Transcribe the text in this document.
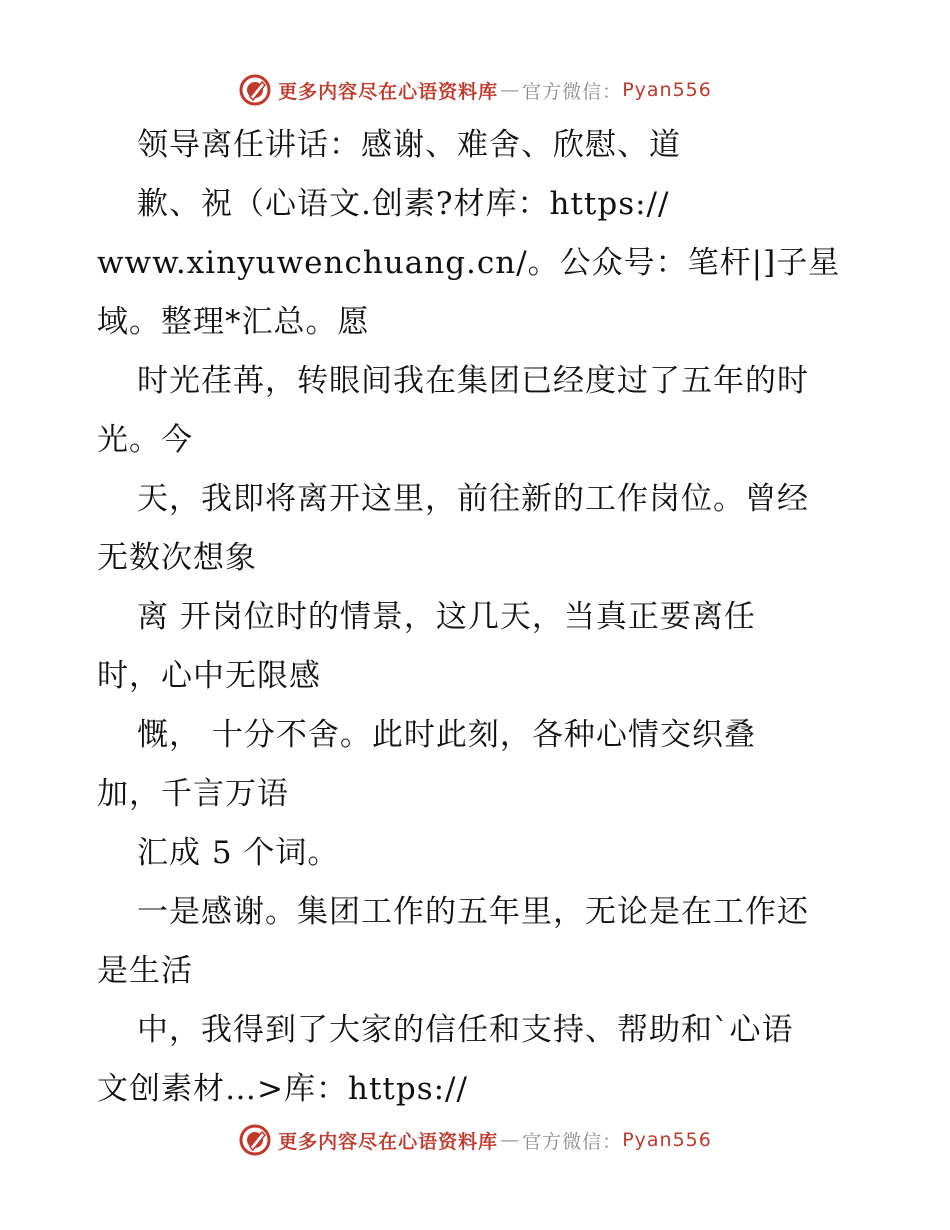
更多内容尽在心语资料库 — 官方微信： Pyan556
领导离任讲话：感谢、难舍、欣慰、道
歉、祝（心语文.创素?材库：https://
www.xinyuwenchuang.cn/。公众号：笔杆|]子星
域。整理*汇总。愿
时光荏苒，转眼间我在集团已经度过了五年的时
光。今
天，我即将离开这里，前往新的工作岗位。曾经
无数次想象
离 开岗位时的情景，这几天，当真正要离任
时，心中无限感
慨， 十分不舍。此时此刻，各种心情交织叠
加，千言万语
汇成 5 个词。
一是感谢。集团工作的五年里，无论是在工作还
是生活
中，我得到了大家的信任和支持、帮助和`心语
文创素材…>库：https://
更多内容尽在心语资料库 — 官方微信： Pyan556
